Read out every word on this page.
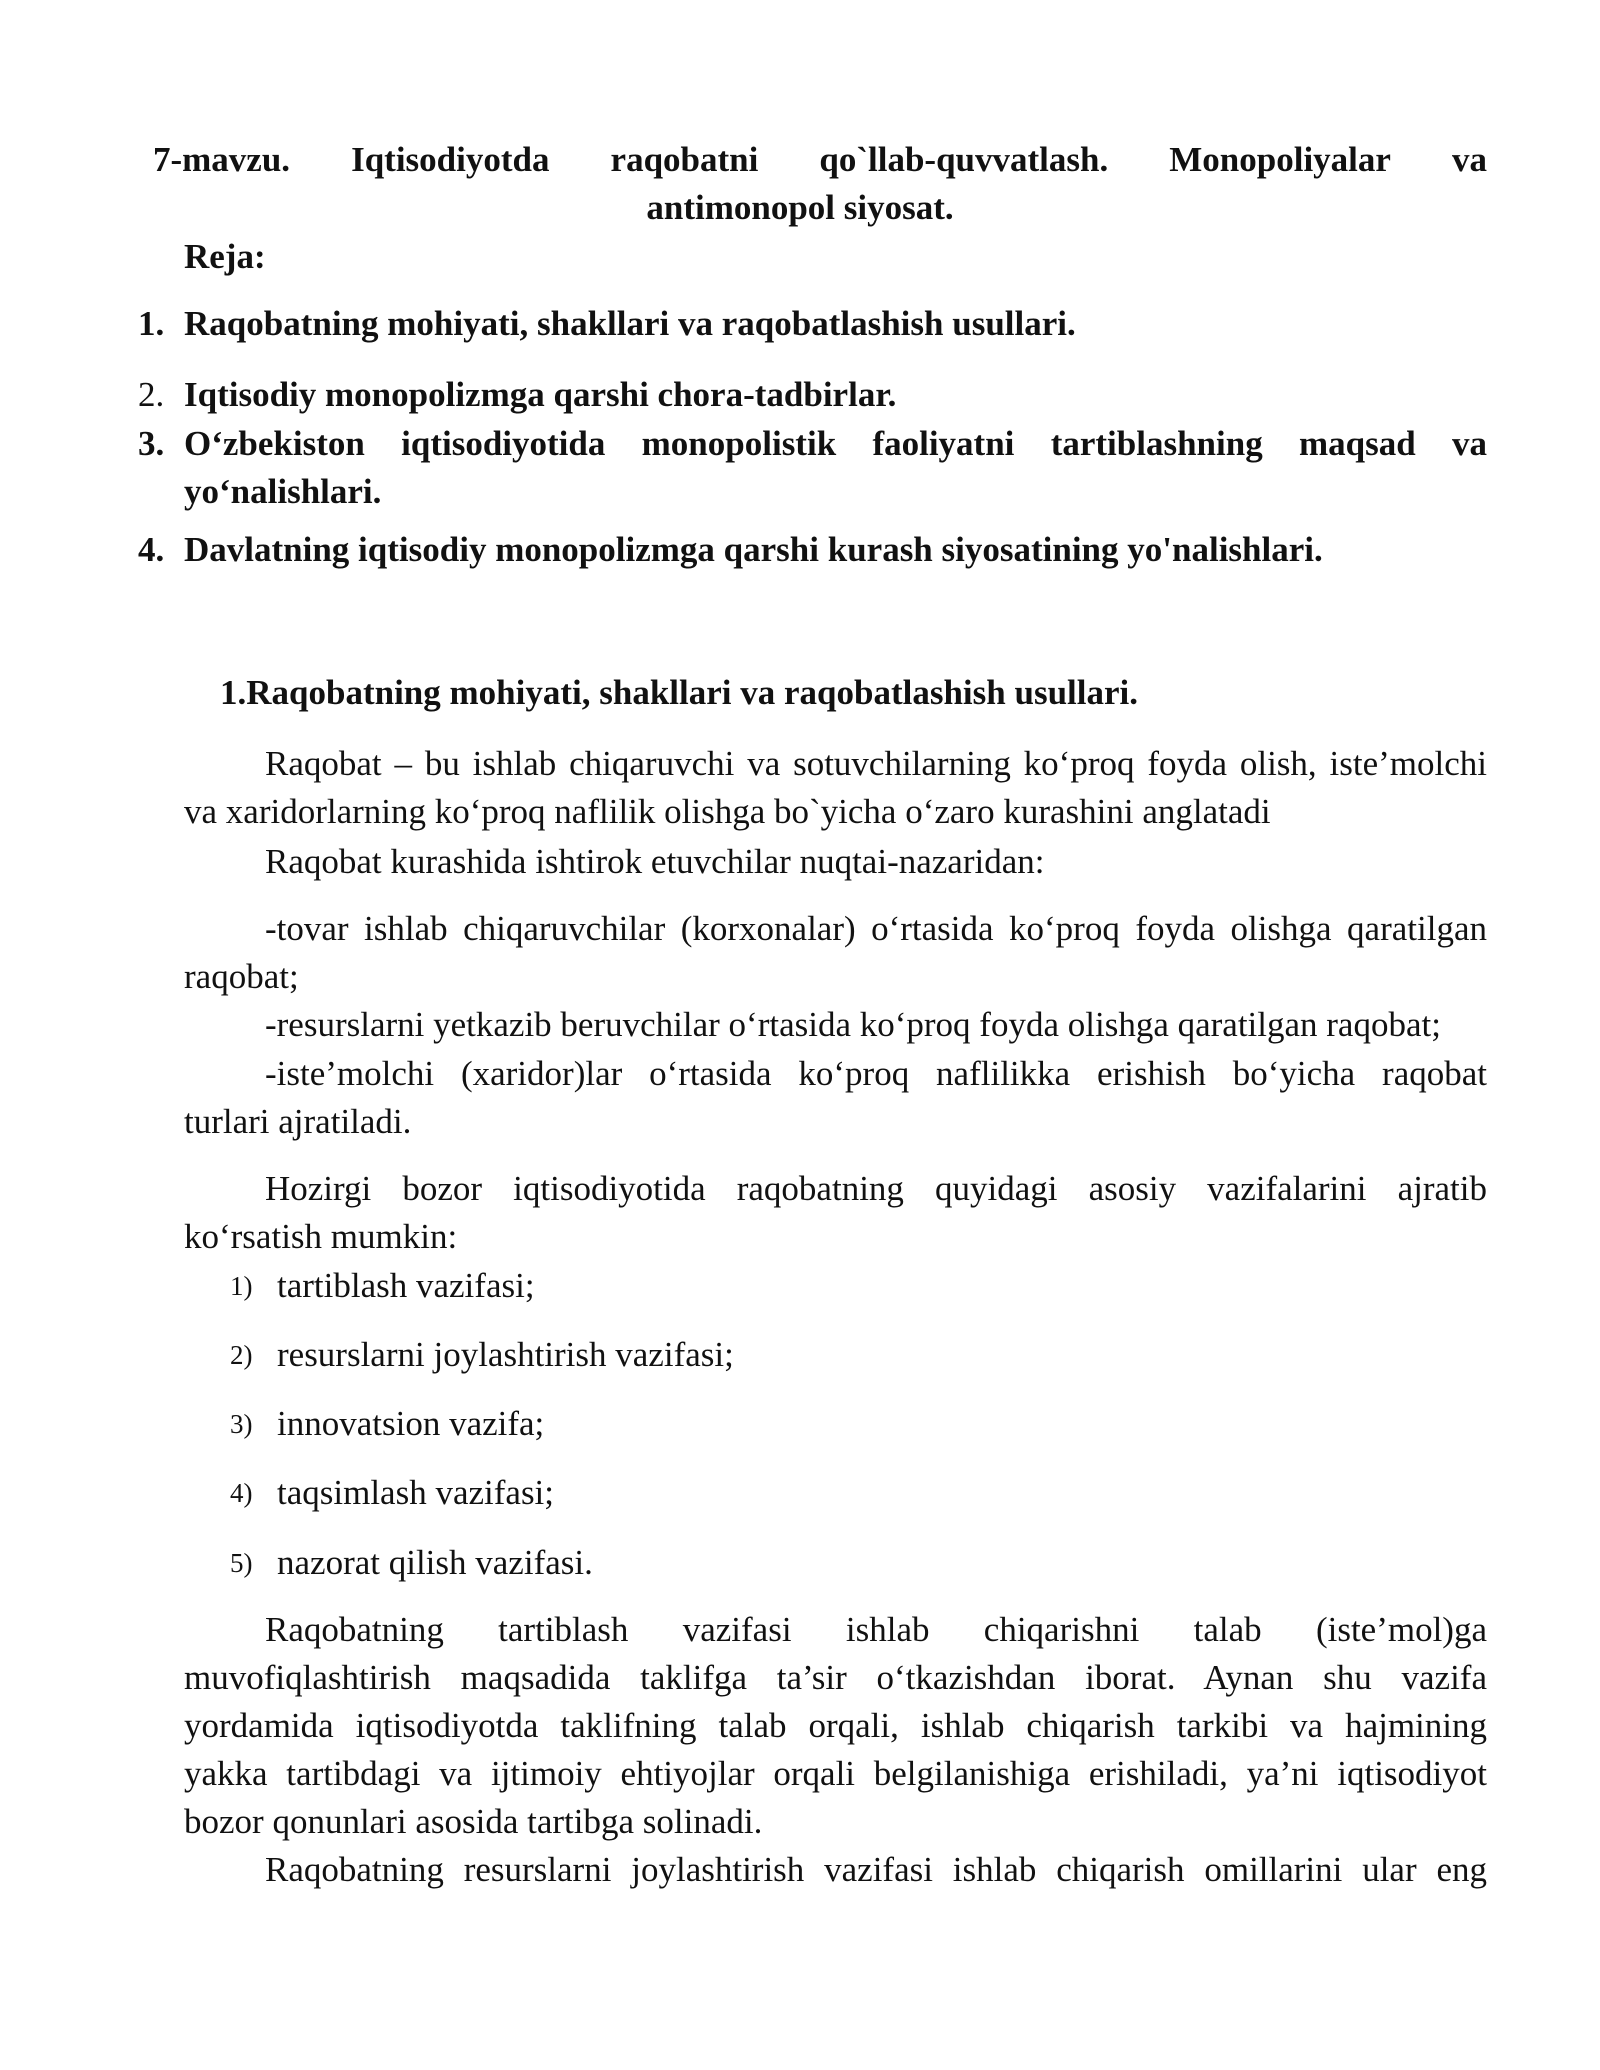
7-mavzu. Iqtisodiyotda raqobatni qo`llab-quvvatlash. Monopoliyalar va
antimonopol siyosat.
Reja:
1. Raqobatning mohiyati, shakllari va raqobatlashish usullari.
2. Iqtisodiy monopolizmga qarshi chora-tadbirlar.
3. O‘zbekiston iqtisodiyotida monopolistik faoliyatni tartiblashning maqsad va
yo‘nalishlari.
4. Davlatning iqtisodiy monopolizmga qarshi kurash siyosatining yo'nalishlari.
1.Raqobatning mohiyati, shakllari va raqobatlashish usullari.
Raqobat – bu ishlab chiqaruvchi va sotuvchilarning ko‘proq foyda olish, iste’molchi
va xaridorlarning ko‘proq naflilik olishga bo`yicha o‘zaro kurashini anglatadi
Raqobat kurashida ishtirok etuvchilar nuqtai-nazaridan:
-tovar ishlab chiqaruvchilar (korxonalar) o‘rtasida ko‘proq foyda olishga qaratilgan
raqobat;
-resurslarni yetkazib beruvchilar o‘rtasida ko‘proq foyda olishga qaratilgan raqobat;
-iste’molchi (xaridor)lar o‘rtasida ko‘proq naflilikka erishish bo‘yicha raqobat
turlari ajratiladi.
Hozirgi bozor iqtisodiyotida raqobatning quyidagi asosiy vazifalarini ajratib
ko‘rsatish mumkin:
1) tartiblash vazifasi;
2) resurslarni joylashtirish vazifasi;
3) innovatsion vazifa;
4) taqsimlash vazifasi;
5) nazorat qilish vazifasi.
Raqobatning tartiblash vazifasi ishlab chiqarishni talab (iste’mol)ga
muvofiqlashtirish maqsadida taklifga ta’sir o‘tkazishdan iborat. Aynan shu vazifa
yordamida iqtisodiyotda taklifning talab orqali, ishlab chiqarish tarkibi va hajmining
yakka tartibdagi va ijtimoiy ehtiyojlar orqali belgilanishiga erishiladi, ya’ni iqtisodiyot
bozor qonunlari asosida tartibga solinadi.
Raqobatning resurslarni joylashtirish vazifasi ishlab chiqarish omillarini ular eng
